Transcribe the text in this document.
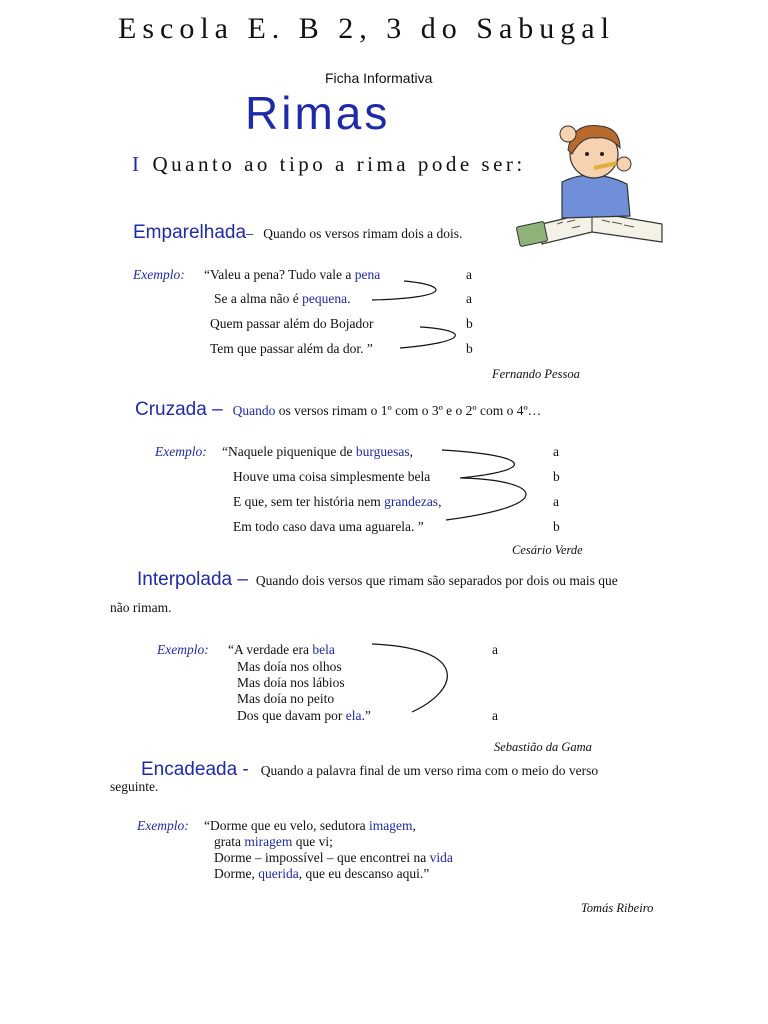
Escola E. B 2, 3 do Sabugal
Ficha Informativa
Rimas
I Quanto ao tipo a rima pode ser:
Emparelhada– Quando os versos rimam dois a dois.
Exemplo: “Valeu a pena? Tudo vale a pena
Se a alma não é pequena.
Quem passar além do Bojador
Tem que passar além da dor. ”
a
a
b
b
Fernando Pessoa
Cruzada – Quando os versos rimam o 1º com o 3º e o 2º com o 4º…
Exemplo: “Naquele piquenique de burguesas,
Houve uma coisa simplesmente bela
E que, sem ter história nem grandezas,
Em todo caso dava uma aguarela. ”
a
b
a
b
Cesário Verde
Interpolada – Quando dois versos que rimam são separados por dois ou mais que
não rimam.
Exemplo: “A verdade era bela
Mas doía nos olhos
Mas doía nos lábios
Mas doía no peito
Dos que davam por ela.”
a
a
Sebastião da Gama
Encadeada - Quando a palavra final de um verso rima com o meio do verso
seguinte.
Exemplo: “Dorme que eu velo, sedutora imagem,
grata miragem que vi;
Dorme – impossível – que encontrei na vida
Dorme, querida, que eu descanso aqui.”
Tomás Ribeiro
